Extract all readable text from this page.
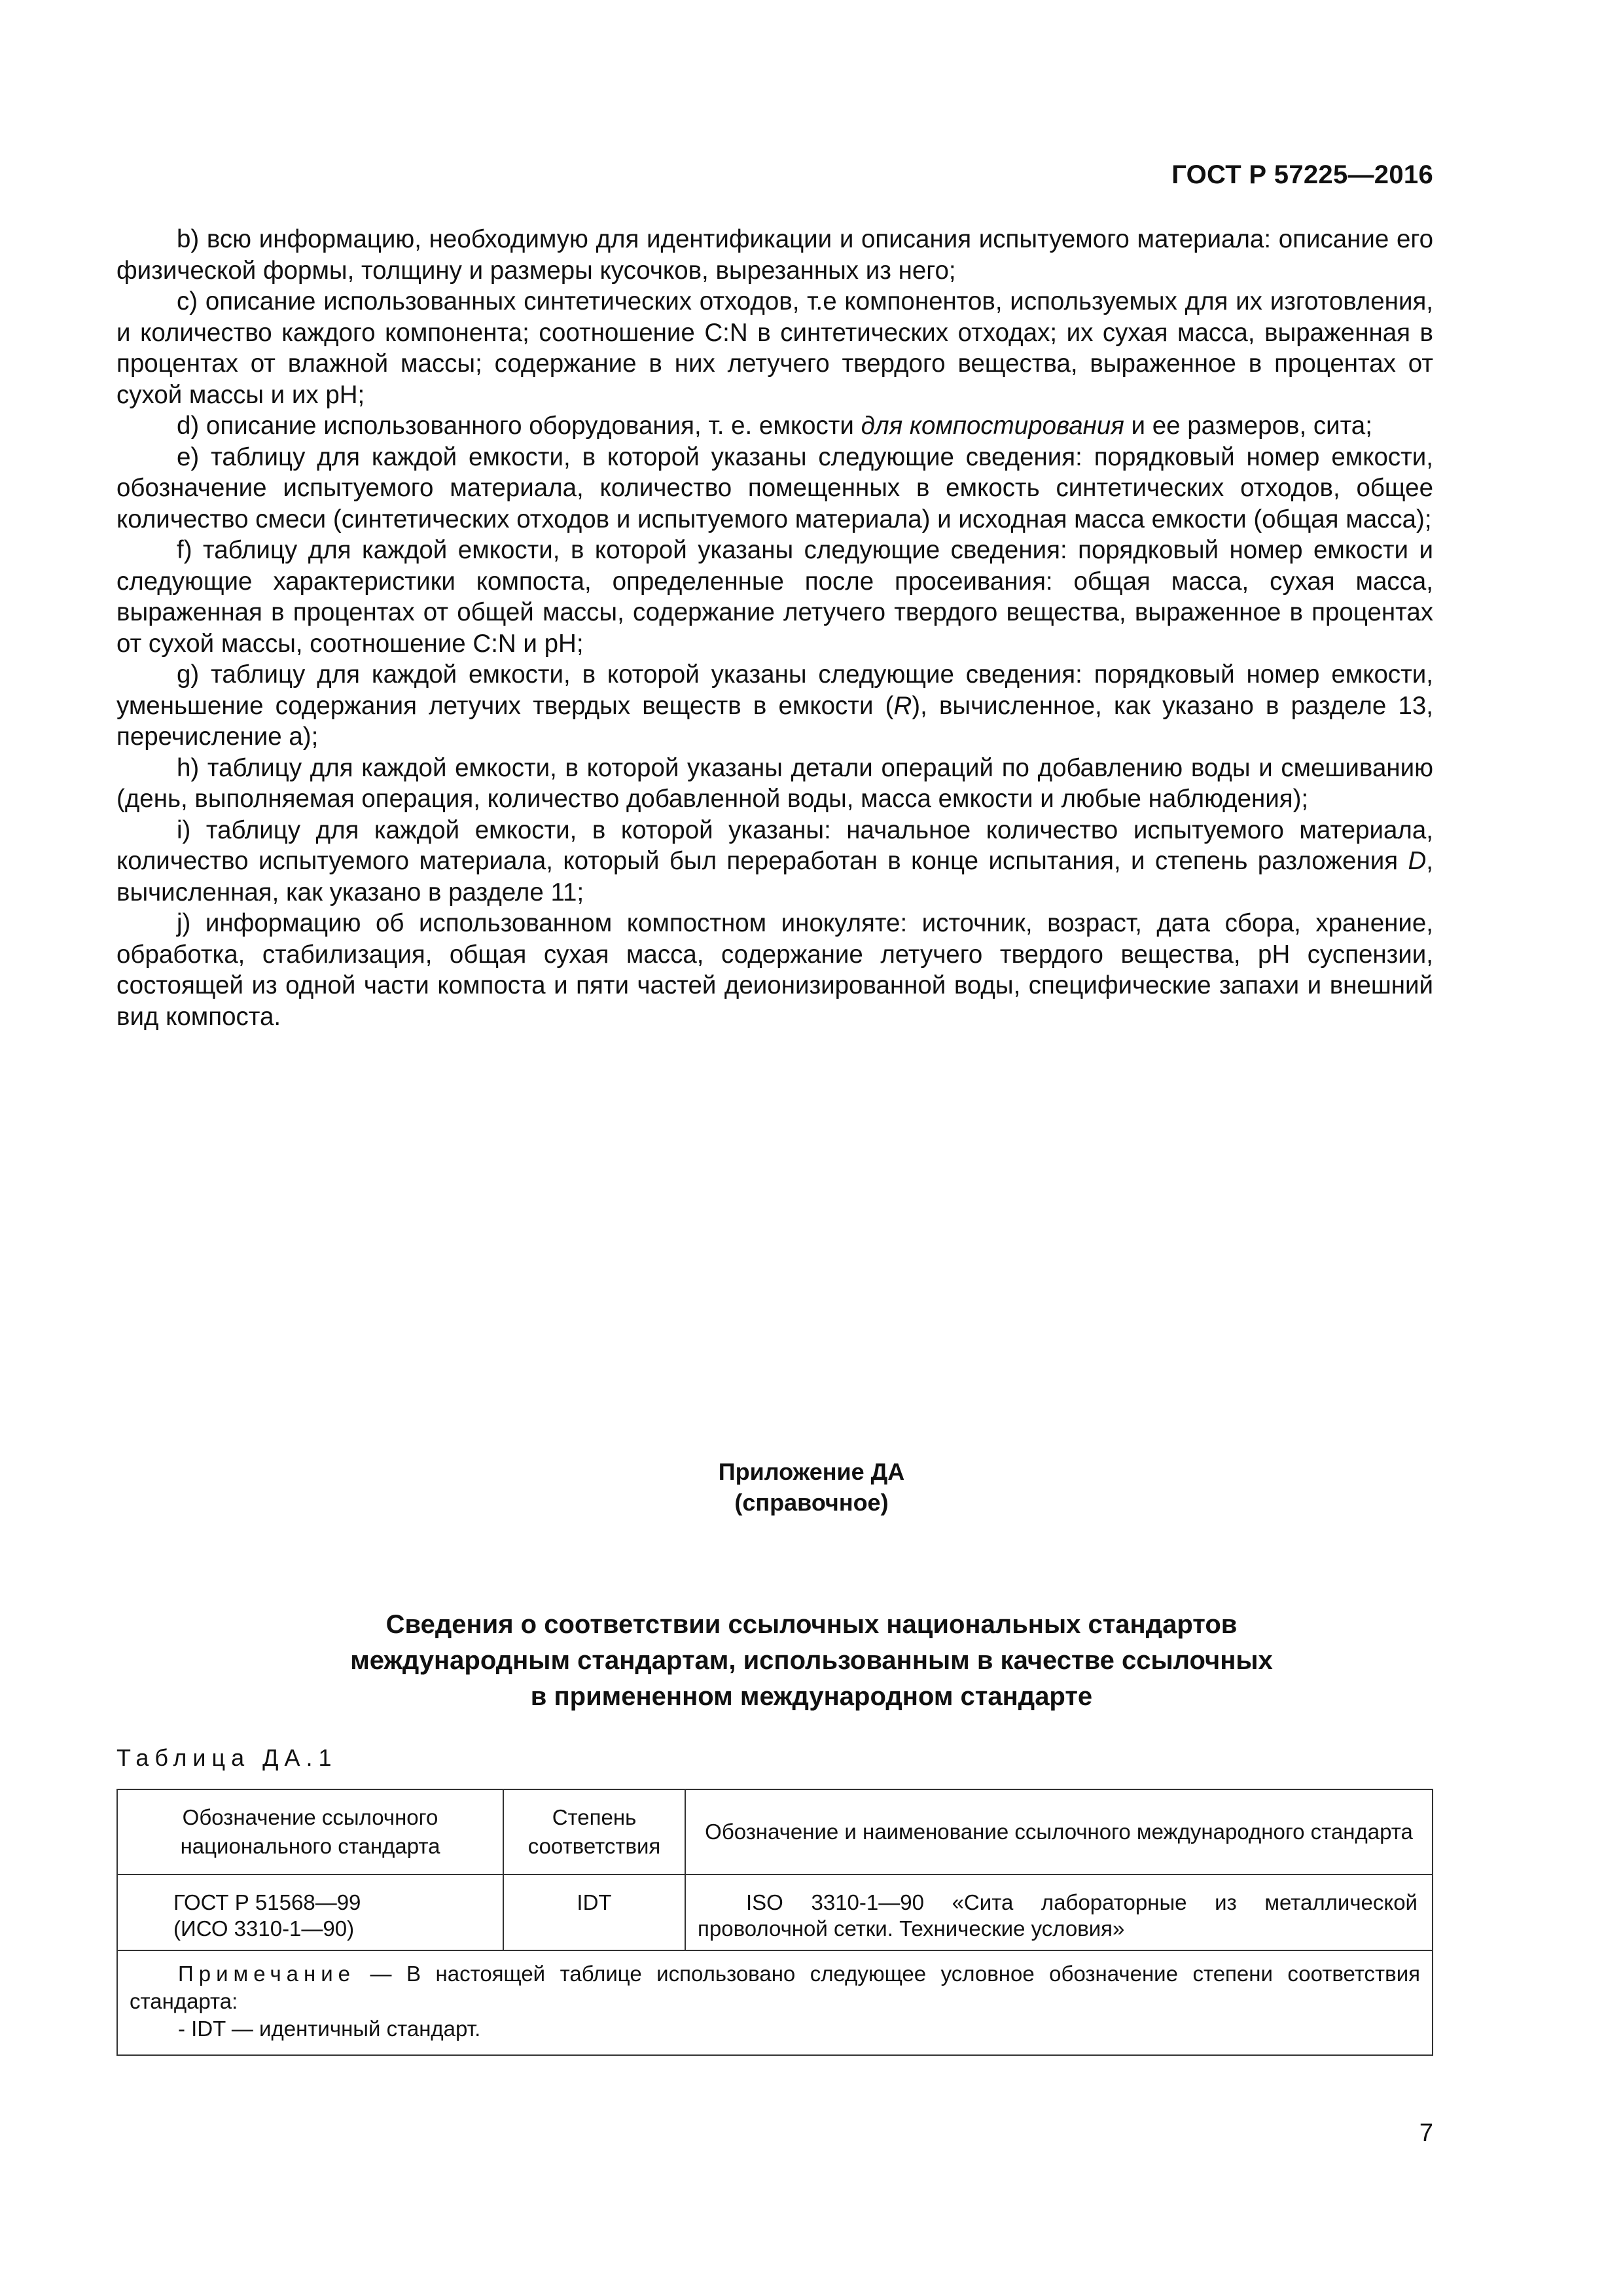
ГОСТ Р 57225—2016

b) всю информацию, необходимую для идентификации и описания испытуемого материала: описание его физической формы, толщину и размеры кусочков, вырезанных из него;

c) описание использованных синтетических отходов, т.е компонентов, используемых для их изготовления, и количество каждого компонента; соотношение C:N в синтетических отходах; их сухая масса, выраженная в процентах от влажной массы; содержание в них летучего твердого вещества, выраженное в процентах от сухой массы и их pH;

d) описание использованного оборудования, т. е. емкости для компостирования и ее размеров, сита;

e) таблицу для каждой емкости, в которой указаны следующие сведения: порядковый номер емкости, обозначение испытуемого материала, количество помещенных в емкость синтетических отходов, общее количество смеси (синтетических отходов и испытуемого материала) и исходная масса емкости (общая масса);

f) таблицу для каждой емкости, в которой указаны следующие сведения: порядковый номер емкости и следующие характеристики компоста, определенные после просеивания: общая масса, сухая масса, выраженная в процентах от общей массы, содержание летучего твердого вещества, выраженное в процентах от сухой массы, соотношение C:N и pH;

g) таблицу для каждой емкости, в которой указаны следующие сведения: порядковый номер емкости, уменьшение содержания летучих твердых веществ в емкости (R), вычисленное, как указано в разделе 13, перечисление a);

h) таблицу для каждой емкости, в которой указаны детали операций по добавлению воды и смешиванию (день, выполняемая операция, количество добавленной воды, масса емкости и любые наблюдения);

i) таблицу для каждой емкости, в которой указаны: начальное количество испытуемого материала, количество испытуемого материала, который был переработан в конце испытания, и степень разложения D, вычисленная, как указано в разделе 11;

j) информацию об использованном компостном инокуляте: источник, возраст, дата сбора, хранение, обработка, стабилизация, общая сухая масса, содержание летучего твердого вещества, pH суспензии, состоящей из одной части компоста и пяти частей деионизированной воды, специфические запахи и внешний вид компоста.

Приложение ДА
(справочное)
Сведения о соответствии ссылочных национальных стандартов
международным стандартам, использованным в качестве ссылочных
в примененном международном стандарте
Таблица ДА.1
Обозначение ссылочного национального стандарта	Степень соответствия	Обозначение и наименование ссылочного международного стандарта

ГОСТ Р 51568—99
(ИСО 3310-1—90)	IDT	ISO 3310-1—90 «Сита лабораторные из металлической проволочной сетки. Технические условия»
Примечание — В настоящей таблице использовано следующее условное обозначение степени соответствия стандарта:
- IDT — идентичный стандарт.		
7
